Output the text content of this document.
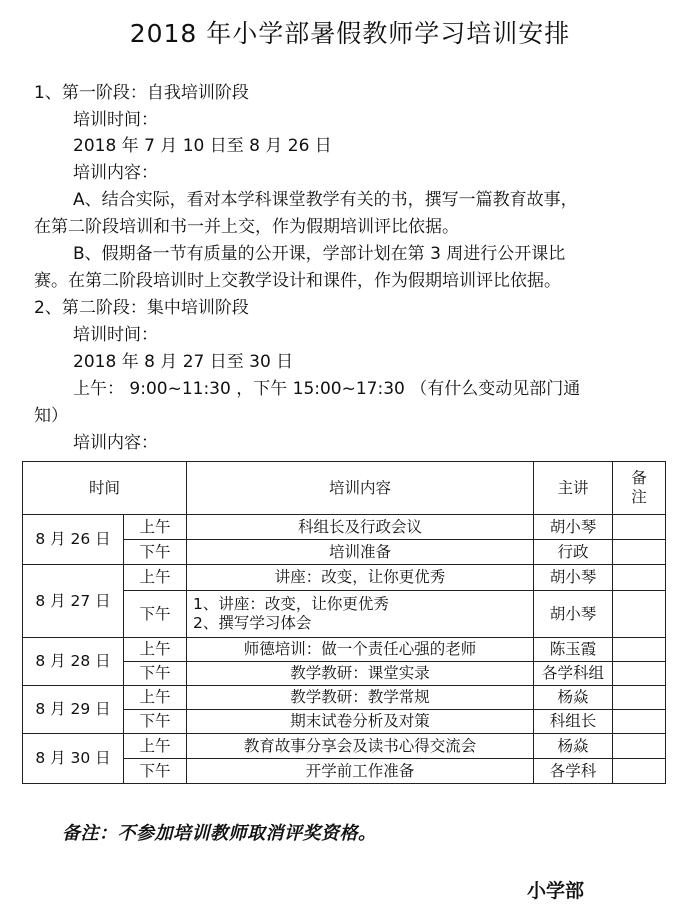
2018 年小学部暑假教师学习培训安排
1、第一阶段：自我培训阶段
培训时间：
2018 年 7 月 10 日至 8 月 26 日
培训内容：
A、结合实际，看对本学科课堂教学有关的书，撰写一篇教育故事，
在第二阶段培训和书一并上交，作为假期培训评比依据。
B、假期备一节有质量的公开课，学部计划在第 3 周进行公开课比
赛。在第二阶段培训时上交教学设计和课件，作为假期培训评比依据。
2、第二阶段：集中培训阶段
培训时间：
2018 年 8 月 27 日至 30 日
上午： 9:00~11:30 ，下午 15:00~17:30 （有什么变动见部门通
知）
培训内容：
时间		培训内容	主讲	备
注
8 月 26 日	上午	科组长及行政会议	胡小琴	
	下午	培训准备	行政	
8 月 27 日	上午	讲座：改变，让你更优秀	胡小琴	
	下午	1、讲座：改变，让你更优秀
2、撰写学习体会	胡小琴	
8 月 28 日	上午	师德培训：做一个责任心强的老师	陈玉霞	
	下午	教学教研：课堂实录	各学科组	
8 月 29 日	上午	教学教研：教学常规	杨焱	
	下午	期末试卷分析及对策	科组长	
8 月 30 日	上午	教育故事分享会及读书心得交流会	杨焱	
	下午	开学前工作准备	各学科	
备注：不参加培训教师取消评奖资格。
小学部
